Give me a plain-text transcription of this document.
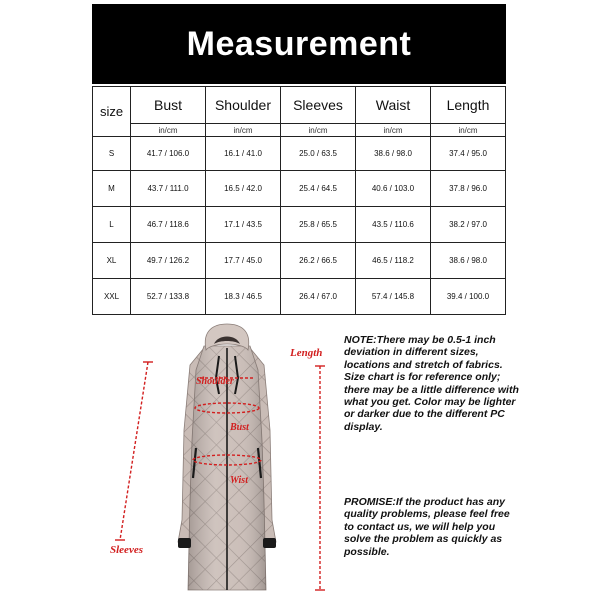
Measurement
size	Bust	Shoulder	Sleeves	Waist	Length
	in/cm	in/cm	in/cm	in/cm	in/cm
S	41.7 / 106.0	16.1 / 41.0	25.0 / 63.5	38.6 / 98.0	37.4 / 95.0
M	43.7 / 111.0	16.5 / 42.0	25.4 / 64.5	40.6 / 103.0	37.8 / 96.0
L	46.7 / 118.6	17.1 / 43.5	25.8 / 65.5	43.5 / 110.6	38.2 / 97.0
XL	49.7 / 126.2	17.7 / 45.0	26.2 / 66.5	46.5 / 118.2	38.6 / 98.0
XXL	52.7 / 133.8	18.3 / 46.5	26.4 / 67.0	57.4 / 145.8	39.4 / 100.0
Length
Shoulder
Bust
Wist
Sleeves
NOTE:There may be 0.5-1 inch deviation in different sizes, locations and stretch of fabrics. Size chart is for reference only; there may be a little difference with what you get. Color may be lighter or darker due to the different PC display.
PROMISE:If the product has any quality problems, please feel free to contact us, we will help you solve the problem as quickly as possible.
